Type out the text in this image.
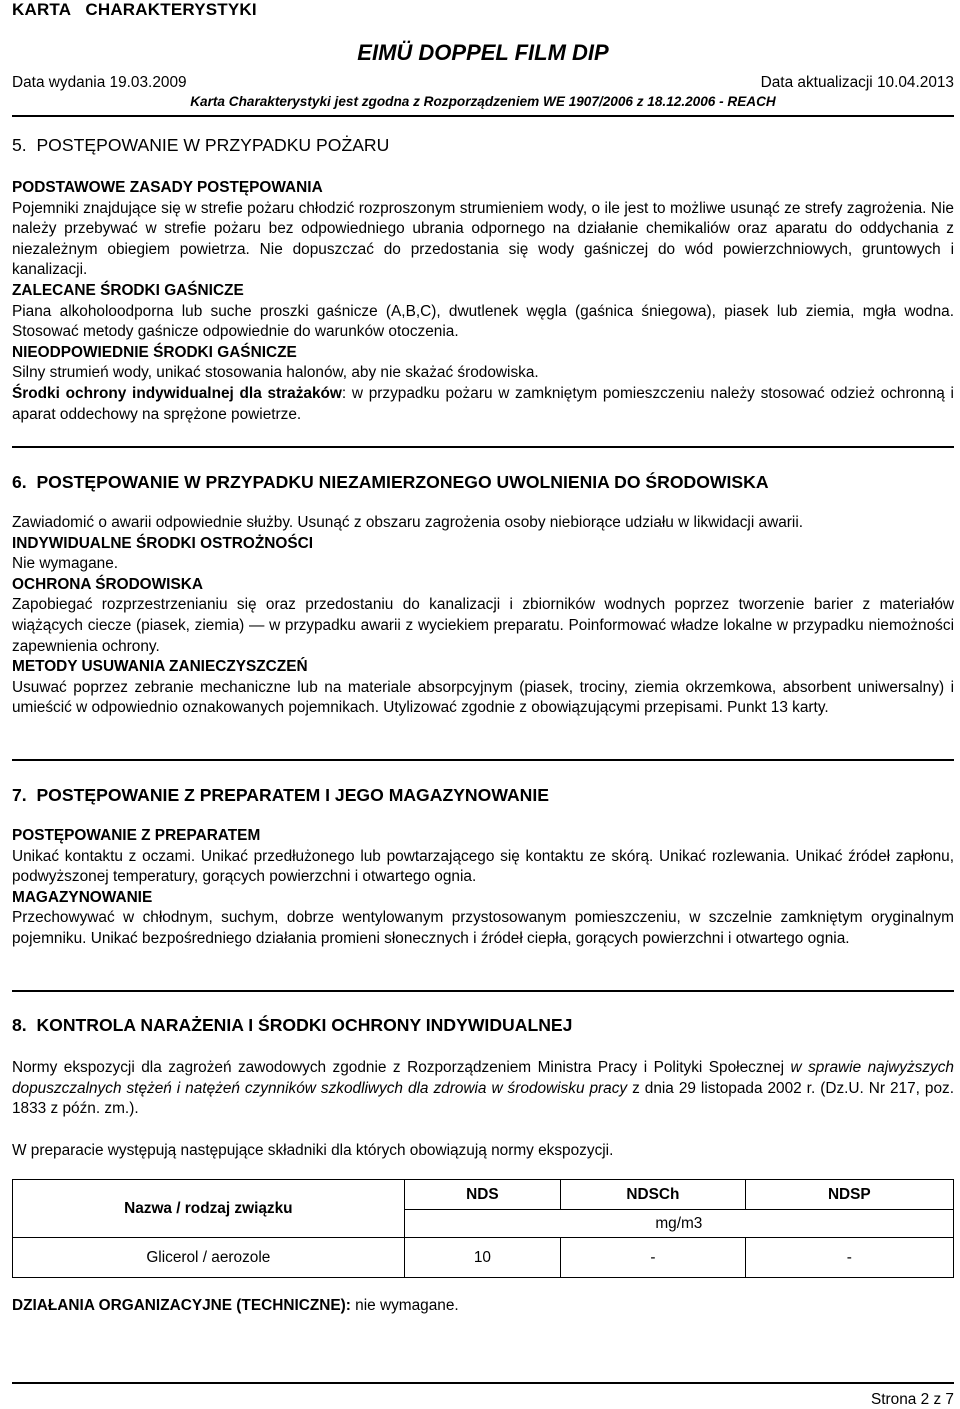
KARTA   CHARAKTERYSTYKI
EIMÜ DOPPEL FILM DIP
Data wydania 19.03.2009	Data aktualizacji 10.04.2013
Karta Charakterystyki jest zgodna z Rozporządzeniem WE 1907/2006 z 18.12.2006 - REACH
5.  POSTĘPOWANIE W PRZYPADKU POŻARU
PODSTAWOWE ZASADY POSTĘPOWANIA

Pojemniki znajdujące się w strefie pożaru chłodzić rozproszonym strumieniem wody, o ile jest to możliwe usunąć ze strefy zagrożenia. Nie należy przebywać w strefie pożaru bez odpowiedniego ubrania odpornego na działanie chemikaliów oraz aparatu do oddychania z niezależnym obiegiem powietrza. Nie dopuszczać do przedostania się wody gaśniczej do wód powierzchniowych, gruntowych i kanalizacji.

ZALECANE ŚRODKI GAŚNICZE

Piana alkoholoodporna lub suche proszki gaśnicze (A,B,C), dwutlenek węgla (gaśnica śniegowa), piasek lub ziemia, mgła wodna. Stosować metody gaśnicze odpowiednie do warunków otoczenia.

NIEODPOWIEDNIE ŚRODKI GAŚNICZE

Silny strumień wody, unikać stosowania halonów, aby nie skażać środowiska.

Środki ochrony indywidualnej dla strażaków: w przypadku pożaru w zamkniętym pomieszczeniu należy stosować odzież ochronną i aparat oddechowy na sprężone powietrze.

6.  POSTĘPOWANIE W PRZYPADKU NIEZAMIERZONEGO UWOLNIENIA DO ŚRODOWISKA

Zawiadomić o awarii odpowiednie służby. Usunąć z obszaru zagrożenia osoby niebiorące udziału w likwidacji awarii.

INDYWIDUALNE ŚRODKI OSTROŻNOŚCI

Nie wymagane.

OCHRONA ŚRODOWISKA

Zapobiegać rozprzestrzenianiu się oraz przedostaniu do kanalizacji i zbiorników wodnych poprzez tworzenie barier z materiałów wiążących ciecze (piasek, ziemia) — w przypadku awarii z wyciekiem preparatu. Poinformować władze lokalne w przypadku niemożności zapewnienia ochrony.

METODY USUWANIA ZANIECZYSZCZEŃ

Usuwać poprzez zebranie mechaniczne lub na materiale absorpcyjnym (piasek, trociny, ziemia okrzemkowa, absorbent uniwersalny) i umieścić w odpowiednio oznakowanych pojemnikach. Utylizować zgodnie z obowiązującymi przepisami. Punkt 13 karty.

7.  POSTĘPOWANIE Z PREPARATEM I JEGO MAGAZYNOWANIE
POSTĘPOWANIE Z PREPARATEM

Unikać kontaktu z oczami. Unikać przedłużonego lub powtarzającego się kontaktu ze skórą. Unikać rozlewania. Unikać źródeł zapłonu, podwyższonej temperatury, gorących powierzchni i otwartego ognia.

MAGAZYNOWANIE

Przechowywać w chłodnym, suchym, dobrze wentylowanym przystosowanym pomieszczeniu, w szczelnie zamkniętym oryginalnym pojemniku. Unikać bezpośredniego działania promieni słonecznych i źródeł ciepła, gorących powierzchni i otwartego ognia.

8.  KONTROLA NARAŻENIA I ŚRODKI OCHRONY INDYWIDUALNEJ

Normy ekspozycji dla zagrożeń zawodowych zgodnie z Rozporządzeniem Ministra Pracy i Polityki Społecznej w sprawie najwyższych dopuszczalnych stężeń i natężeń czynników szkodliwych dla zdrowia w środowisku pracy z dnia 29 listopada 2002 r. (Dz.U. Nr 217, poz. 1833 z późn. zm.).

W preparacie występują następujące składniki dla których obowiązują normy ekspozycji.

Nazwa / rodzaj związku	NDS	NDSCh	NDSP
	mg/m3		
Glicerol / aerozole	10	-	-

DZIAŁANIA ORGANIZACYJNE (TECHNICZNE): nie wymagane.

Strona 2 z 7
